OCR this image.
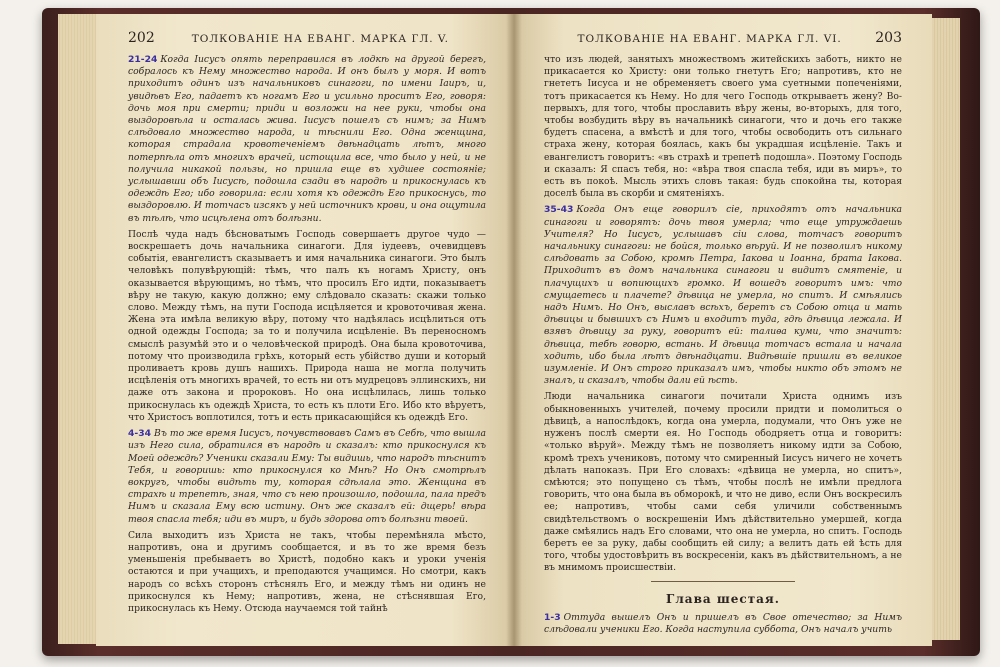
202	ТОЛКОВАНІЕ НА ЕВАНГ. МАРКА ГЛ. V.

21-24 Когда Іисусъ опять переправился въ лодкѣ на другой берегъ, собралось къ Нему множество народа. И онъ былъ у моря. И вотъ приходитъ одинъ изъ начальниковъ синагоги, по имени Іаиръ, и, увидѣвъ Его, падаетъ къ ногамъ Его и усильно проситъ Его, говоря: дочь моя при смерти; приди и возложи на нее руки, чтобы она выздоровѣла и осталась жива. Іисусъ пошелъ съ нимъ; за Нимъ слѣдовало множество народа, и тѣснили Его. Одна женщина, которая страдала кровотеченіемъ двѣнадцать лѣтъ, много потерпѣла отъ многихъ врачей, истощила все, что было у ней, и не получила никакой пользы, но пришла еще въ худшее состояніе; услышавши объ Іисусѣ, подошла сзади въ народѣ и прикоснулась къ одеждѣ Его; ибо говорила: если хотя къ одеждѣ Его прикоснусь, то выздоровлю. И тотчасъ изсякъ у ней источникъ крови, и она ощутила въ тѣлѣ, что исцѣлена отъ болѣзни.

Послѣ чуда надъ бѣсноватымъ Господь совершаетъ другое чудо — воскрешаетъ дочь начальника синагоги. Для іудеевъ, очевидцевъ событія, евангелистъ сказываетъ и имя начальника синагоги. Это былъ человѣкъ полувѣрующій: тѣмъ, что палъ къ ногамъ Христу, онъ оказывается вѣрующимъ, но тѣмъ, что просилъ Его идти, показываетъ вѣру не такую, какую должно; ему слѣдовало сказать: скажи только слово. Между тѣмъ, на пути Господа исцѣляется и кровоточивая жена. Жена эта имѣла великую вѣру, потому что надѣялась исцѣлиться отъ одной одежды Господа; за то и получила исцѣленіе. Въ переносномъ смыслѣ разумѣй это и о человѣческой природѣ. Она была кровоточива, потому что производила грѣхъ, который есть убійство души и который проливаетъ кровь душъ нашихъ. Природа наша не могла получить исцѣленія отъ многихъ врачей, то есть ни отъ мудрецовъ эллинскихъ, ни даже отъ закона и пророковъ. Но она исцѣлилась, лишь только прикоснулась къ одеждѣ Христа, то есть къ плоти Его. Ибо кто вѣруетъ, что Христосъ воплотился, тотъ и есть прикасающійся къ одеждѣ Его.

4-34 Въ то же время Іисусъ, почувствовавъ Самъ въ Себѣ, что вышла изъ Него сила, обратился въ народѣ и сказалъ: кто прикоснулся къ Моей одеждѣ? Ученики сказали Ему: Ты видишь, что народъ тѣснитъ Тебя, и говоришь: кто прикоснулся ко Мнѣ? Но Онъ смотрѣлъ вокругъ, чтобы видѣть ту, которая сдѣлала это. Женщина въ страхѣ и трепетѣ, зная, что съ нею произошло, подошла, пала предъ Нимъ и сказала Ему всю истину. Онъ же сказалъ ей: дщерь! вѣра твоя спасла тебя; иди въ миръ, и будь здорова отъ болѣзни твоей.

Сила выходитъ изъ Христа не такъ, чтобы перемѣняла мѣсто, напротивъ, она и другимъ сообщается, и въ то же время безъ уменьшенія пребываетъ во Христѣ, подобно какъ и уроки ученія остаются и при учащихъ, и преподаются учащимся. Но смотри, какъ народъ со всѣхъ сторонъ стѣснялъ Его, и между тѣмъ ни одинъ не прикоснулся къ Нему; напротивъ, жена, не стѣснявшая Его, прикоснулась къ Нему. Отсюда научаемся той тайнѣ

ТОЛКОВАНІЕ НА ЕВАНГ. МАРКА ГЛ. VI.	203

что изъ людей, занятыхъ множествомъ житейскихъ заботъ, никто не прикасается ко Христу: они только гнетутъ Его; напротивъ, кто не гнететъ Іисуса и не обременяетъ своего ума суетными попеченіями, тотъ прикасается къ Нему. Но для чего Господь открываетъ жену? Во-первыхъ, для того, чтобы прославить вѣру жены, во-вторыхъ, для того, чтобы возбудить вѣру въ начальникѣ синагоги, что и дочь его также будетъ спасена, а вмѣстѣ и для того, чтобы освободить отъ сильнаго страха жену, которая боялась, какъ бы украдшая исцѣленіе. Такъ и евангелистъ говоритъ: «въ страхѣ и трепетѣ подошла». Поэтому Господь и сказалъ: Я спасъ тебя, но: «вѣра твоя спасла тебя, иди въ миръ», то есть въ покоѣ. Мысль этихъ словъ такая: будь спокойна ты, которая доселѣ была въ скорби и смятеніяхъ.

35-43 Когда Онъ еще говорилъ сіе, приходятъ отъ начальника синагоги и говорятъ: дочь твоя умерла; что еще утруждаешь Учителя? Но Іисусъ, услышавъ сіи слова, тотчасъ говоритъ начальнику синагоги: не бойся, только вѣруй. И не позволилъ никому слѣдовать за Собою, кромѣ Петра, Іакова и Іоанна, брата Іакова. Приходитъ въ домъ начальника синагоги и видитъ смятеніе, и плачущихъ и вопиющихъ громко. И вошедъ говоритъ имъ: что смущаетесь и плачете? дѣвица не умерла, но спитъ. И смѣялись надъ Нимъ. Но Онъ, выславъ всѣхъ, беретъ съ Собою отца и мать дѣвицы и бывшихъ съ Нимъ и входитъ туда, гдѣ дѣвица лежала. И взявъ дѣвицу за руку, говоритъ ей: талиѳа куми, что значитъ: дѣвица, тебѣ говорю, встань. И дѣвица тотчасъ встала и начала ходить, ибо была лѣтъ двѣнадцати. Видѣвшіе пришли въ великое изумленіе. И Онъ строго приказалъ имъ, чтобы никто объ этомъ не зналъ, и сказалъ, чтобы дали ей ѣсть.

Люди начальника синагоги почитали Христа однимъ изъ обыкновенныхъ учителей, почему просили придти и помолиться о дѣвицѣ, а напослѣдокъ, когда она умерла, подумали, что Онъ уже не нуженъ послѣ смерти ея. Но Господь ободряетъ отца и говоритъ: «только вѣруй». Между тѣмъ не позволяетъ никому идти за Собою, кромѣ трехъ учениковъ, потому что смиренный Іисусъ ничего не хочетъ дѣлать напоказъ. При Его словахъ: «дѣвица не умерла, но спитъ», смѣются; это попущено съ тѣмъ, чтобы послѣ не имѣли предлога говорить, что она была въ обморокѣ, и что не диво, если Онъ воскресилъ ее; напротивъ, чтобы сами себя уличили собственнымъ свидѣтельствомъ о воскрешеніи Имъ дѣйствительно умершей, когда даже смѣялись надъ Его словами, что она не умерла, но спитъ. Господь беретъ ее за руку, дабы сообщить ей силу; а велитъ дать ей ѣсть для того, чтобы удостовѣрить въ воскресеніи, какъ въ дѣйствительномъ, а не въ мнимомъ происшествіи.

Глава шестая.

1-3 Оттуда вышелъ Онъ и пришелъ въ Свое отечество; за Нимъ слѣдовали ученики Его. Когда наступила суббота, Онъ началъ учить
